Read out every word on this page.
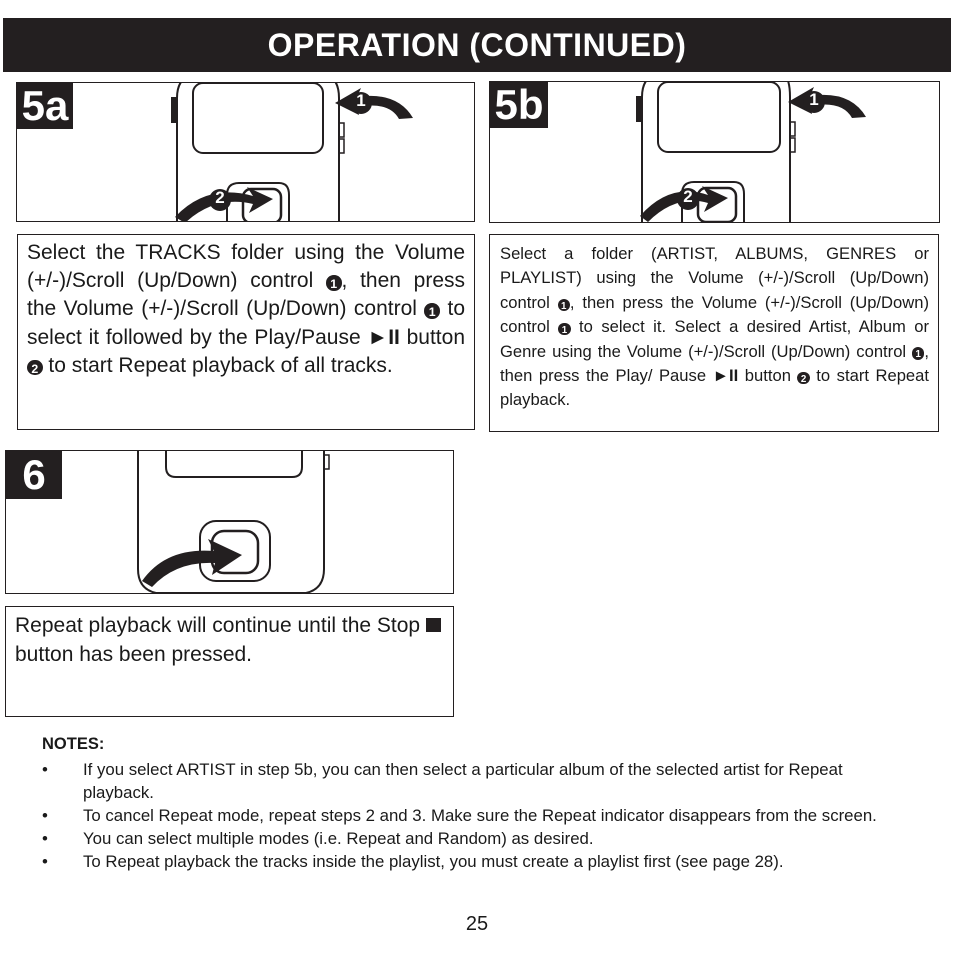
OPERATION (CONTINUED)
5a	1
2
5b	1
2

Select the TRACKS folder using the Volume (+/-)/Scroll (Up/Down) control 1 , then press the Volume (+/-)/Scroll (Up/Down) control 1 to select it followed by the Play/Pause ►II button 2 to start Repeat playback of all tracks.

Select a folder (ARTIST, ALBUMS, GENRES or PLAYLIST) using the Volume (+/-)/Scroll (Up/Down) control 1 , then press the Volume (+/-)/Scroll (Up/Down) control 1 to select it. Select a desired Artist, Album or Genre using the Volume (+/-)/Scroll (Up/Down) control 1 , then press the Play/ Pause ►II button 2 to start Repeat playback.

6

Repeat playback will continue until the Stop  button has been pressed.

NOTES:
• If you select ARTIST in step 5b, you can then select a particular album of the selected artist for Repeat playback.
• To cancel Repeat mode, repeat steps 2 and 3. Make sure the Repeat indicator disappears from the screen.
• You can select multiple modes (i.e. Repeat and Random) as desired.
• To Repeat playback the tracks inside the playlist, you must create a playlist first (see page 28).
25
